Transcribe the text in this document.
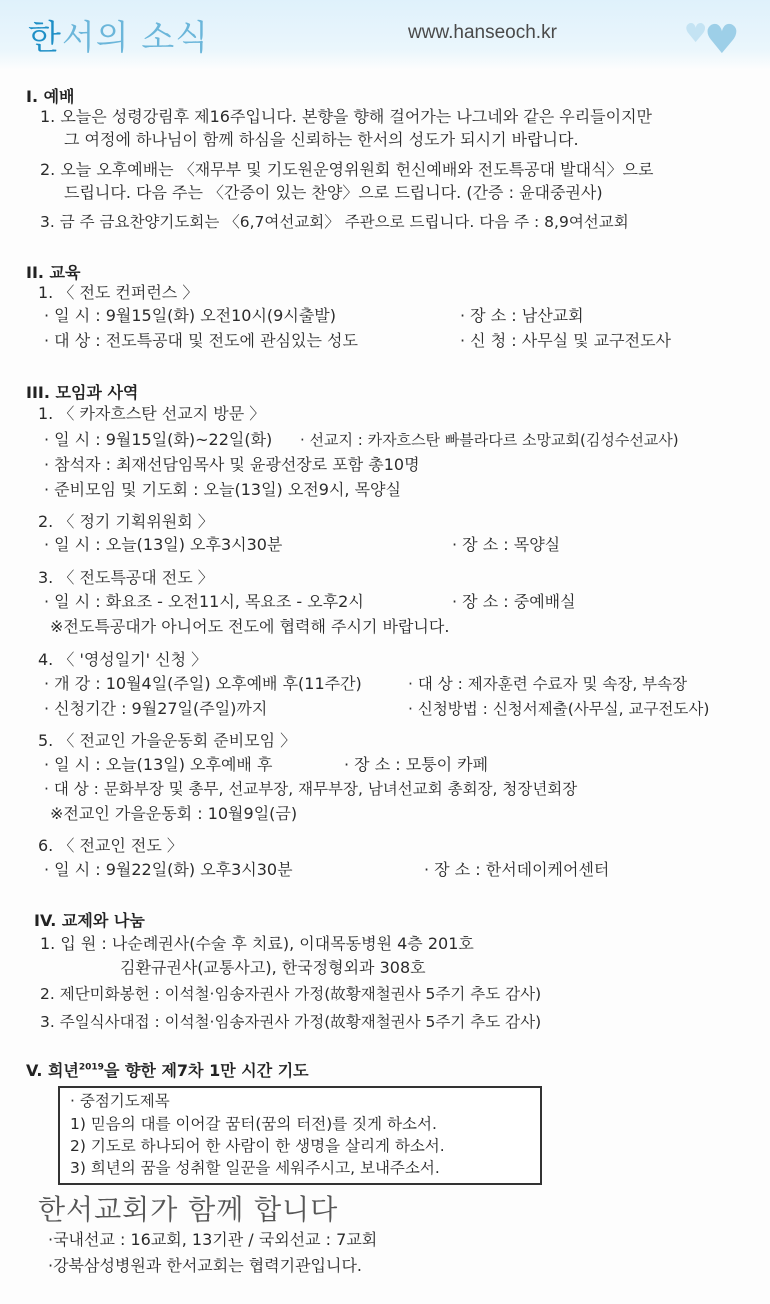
한서의 소식	www.hanseoch.kr	♥
♥
I. 예배
1. 오늘은 성령강림후 제16주입니다. 본향을 향해 걸어가는 나그네와 같은 우리들이지만
그 여정에 하나님이 함께 하심을 신뢰하는 한서의 성도가 되시기 바랍니다.
2. 오늘 오후예배는 〈재무부 및 기도원운영위원회 헌신예배와 전도특공대 발대식〉으로
드립니다. 다음 주는 〈간증이 있는 찬양〉으로 드립니다. (간증 : 윤대중권사)
3. 금 주 금요찬양기도회는 〈6,7여선교회〉 주관으로 드립니다. 다음 주 : 8,9여선교회
II. 교육
1. 〈 전도 컨퍼런스 〉
· 일 시 : 9월15일(화) 오전10시(9시출발)	· 장 소 : 남산교회
· 대 상 : 전도특공대 및 전도에 관심있는 성도	· 신 청 : 사무실 및 교구전도사
III. 모임과 사역
1. 〈 카자흐스탄 선교지 방문 〉
· 일 시 : 9월15일(화)~22일(화) · 선교지 : 카자흐스탄 빠블라다르 소망교회(김성수선교사)
· 참석자 : 최재선담임목사 및 윤광선장로 포함 총10명
· 준비모임 및 기도회 : 오늘(13일) 오전9시, 목양실
2. 〈 정기 기획위원회 〉
· 일 시 : 오늘(13일) 오후3시30분	· 장 소 : 목양실
3. 〈 전도특공대 전도 〉
· 일 시 : 화요조 - 오전11시, 목요조 - 오후2시	· 장 소 : 중예배실
※전도특공대가 아니어도 전도에 협력해 주시기 바랍니다.
4. 〈 '영성일기' 신청 〉
· 개 강 : 10월4일(주일) 오후예배 후(11주간)	· 대 상 : 제자훈련 수료자 및 속장, 부속장
· 신청기간 : 9월27일(주일)까지	· 신청방법 : 신청서제출(사무실, 교구전도사)
5. 〈 전교인 가을운동회 준비모임 〉
· 일 시 : 오늘(13일) 오후예배 후	· 장 소 : 모퉁이 카페
· 대 상 : 문화부장 및 총무, 선교부장, 재무부장, 남녀선교회 총회장, 청장년회장
※전교인 가을운동회 : 10월9일(금)
6. 〈 전교인 전도 〉
· 일 시 : 9월22일(화) 오후3시30분	· 장 소 : 한서데이케어센터
IV. 교제와 나눔
1. 입 원 : 나순례권사(수술 후 치료), 이대목동병원 4층 201호
김환규권사(교통사고), 한국정형외과 308호
2. 제단미화봉헌 : 이석철·임송자권사 가정(故황재철권사 5주기 추도 감사)
3. 주일식사대접 : 이석철·임송자권사 가정(故황재철권사 5주기 추도 감사)
V. 희년$^{2019}$을 향한 제7차 1만 시간 기도
· 중점기도제목
1) 믿음의 대를 이어갈 꿈터(꿈의 터전)를 짓게 하소서.
2) 기도로 하나되어 한 사람이 한 생명을 살리게 하소서.
3) 희년의 꿈을 성취할 일꾼을 세워주시고, 보내주소서.
한서교회가 함께 합니다
·국내선교 : 16교회, 13기관 / 국외선교 : 7교회
·강북삼성병원과 한서교회는 협력기관입니다.
